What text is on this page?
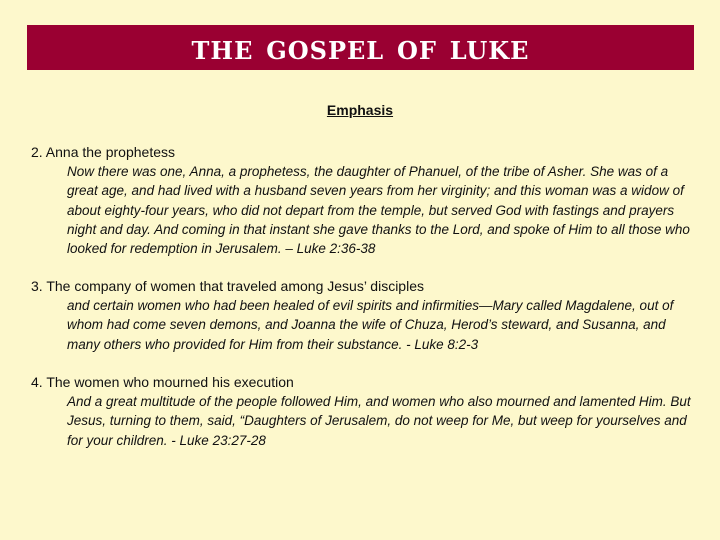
the gospel of luke
Emphasis
2. Anna the prophetess
Now there was one, Anna, a prophetess, the daughter of Phanuel, of the tribe of Asher. She was of a great age, and had lived with a husband seven years from her virginity; and this woman was a widow of about eighty-four years, who did not depart from the temple, but served God with fastings and prayers night and day. And coming in that instant she gave thanks to the Lord, and spoke of Him to all those who looked for redemption in Jerusalem. – Luke 2:36-38
3. The company of women that traveled among Jesus’ disciples
and certain women who had been healed of evil spirits and infirmities—Mary called Magdalene, out of whom had come seven demons, and Joanna the wife of Chuza, Herod’s steward, and Susanna, and many others who provided for Him from their substance. - Luke 8:2-3
4. The women who mourned his execution
And a great multitude of the people followed Him, and women who also mourned and lamented Him. But Jesus, turning to them, said, “Daughters of Jerusalem, do not weep for Me, but weep for yourselves and for your children. - Luke 23:27-28
